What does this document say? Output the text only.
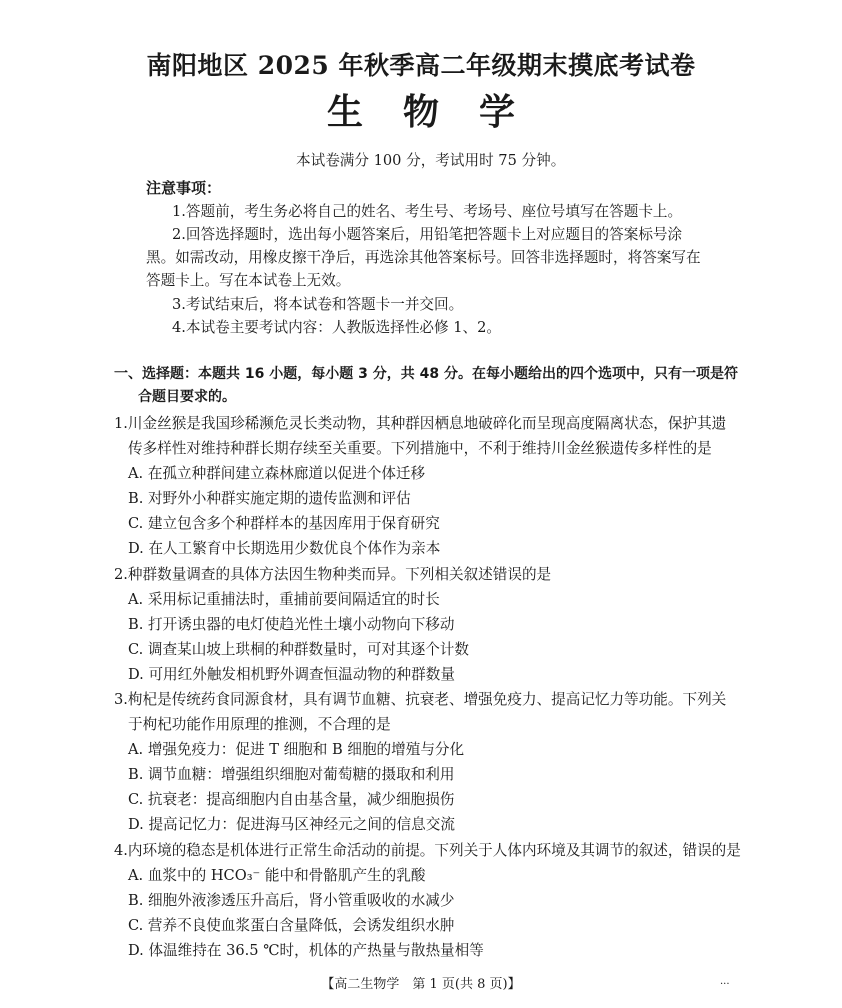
南阳地区 2025 年秋季高二年级期末摸底考试卷
生物学
本试卷满分 100 分，考试用时 75 分钟。
注意事项：
1.答题前，考生务必将自己的姓名、考生号、考场号、座位号填写在答题卡上。
2.回答选择题时，选出每小题答案后，用铅笔把答题卡上对应题目的答案标号涂
黑。如需改动，用橡皮擦干净后，再选涂其他答案标号。回答非选择题时，将答案写在
答题卡上。写在本试卷上无效。
3.考试结束后，将本试卷和答题卡一并交回。
4.本试卷主要考试内容：人教版选择性必修 1、2。
一、选择题：本题共 16 小题，每小题 3 分，共 48 分。在每小题给出的四个选项中，只有一项是符
合题目要求的。
1.川金丝猴是我国珍稀濒危灵长类动物，其种群因栖息地破碎化而呈现高度隔离状态，保护其遗
传多样性对维持种群长期存续至关重要。下列措施中，不利于维持川金丝猴遗传多样性的是
A. 在孤立种群间建立森林廊道以促进个体迁移
B. 对野外小种群实施定期的遗传监测和评估
C. 建立包含多个种群样本的基因库用于保育研究
D. 在人工繁育中长期选用少数优良个体作为亲本
2.种群数量调查的具体方法因生物种类而异。下列相关叙述错误的是
A. 采用标记重捕法时，重捕前要间隔适宜的时长
B. 打开诱虫器的电灯使趋光性土壤小动物向下移动
C. 调查某山坡上珙桐的种群数量时，可对其逐个计数
D. 可用红外触发相机野外调查恒温动物的种群数量
3.枸杞是传统药食同源食材，具有调节血糖、抗衰老、增强免疫力、提高记忆力等功能。下列关
于枸杞功能作用原理的推测，不合理的是
A. 增强免疫力：促进 T 细胞和 B 细胞的增殖与分化
B. 调节血糖：增强组织细胞对葡萄糖的摄取和利用
C. 抗衰老：提高细胞内自由基含量，减少细胞损伤
D. 提高记忆力：促进海马区神经元之间的信息交流
4.内环境的稳态是机体进行正常生命活动的前提。下列关于人体内环境及其调节的叙述，错误的是
A. 血浆中的 HCO₃⁻ 能中和骨骼肌产生的乳酸
B. 细胞外液渗透压升高后，肾小管重吸收的水减少
C. 营养不良使血浆蛋白含量降低，会诱发组织水肿
D. 体温维持在 36.5 ℃时，机体的产热量与散热量相等
【高二生物学　第 1 页(共 8 页)】	...
